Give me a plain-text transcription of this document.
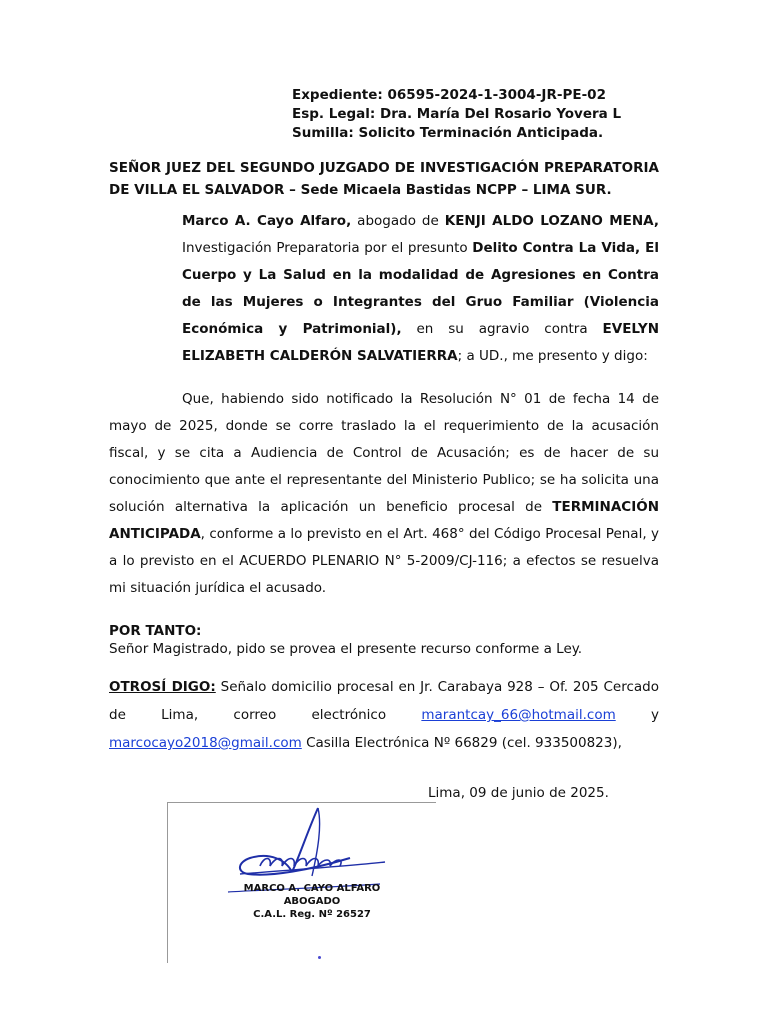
Expediente: 06595-2024-1-3004-JR-PE-02
Esp. Legal: Dra. María Del Rosario Yovera L
Sumilla: Solicito Terminación Anticipada.
SEÑOR JUEZ DEL SEGUNDO JUZGADO DE INVESTIGACIÓN PREPARATORIA DE VILLA EL SALVADOR – Sede Micaela Bastidas NCPP – LIMA SUR.
Marco A. Cayo Alfaro, abogado de KENJI ALDO LOZANO MENA, Investigación Preparatoria por el presunto Delito Contra La Vida, El Cuerpo y La Salud en la modalidad de Agresiones en Contra de las Mujeres o Integrantes del Gruo Familiar (Violencia Económica y Patrimonial), en su agravio contra EVELYN ELIZABETH CALDERÓN SALVATIERRA; a UD., me presento y digo:
Que, habiendo sido notificado la Resolución N° 01 de fecha 14 de mayo de 2025, donde se corre traslado la el requerimiento de la acusación fiscal, y se cita a Audiencia de Control de Acusación; es de hacer de su conocimiento que ante el representante del Ministerio Publico; se ha solicita una solución alternativa la aplicación un beneficio procesal de TERMINACIÓN ANTICIPADA, conforme a lo previsto en el Art. 468° del Código Procesal Penal, y a lo previsto en el ACUERDO PLENARIO N° 5-2009/CJ-116; a efectos se resuelva mi situación jurídica el acusado.
POR TANTO:
Señor Magistrado, pido se provea el presente recurso conforme a Ley.
OTROSÍ DIGO: Señalo domicilio procesal en Jr. Carabaya 928 – Of. 205 Cercado de Lima, correo electrónico marantcay_66@hotmail.com y marcocayo2018@gmail.com Casilla Electrónica Nº 66829 (cel. 933500823),
Lima, 09 de junio de 2025.
MARCO A. CAYO ALFARO
ABOGADO
C.A.L. Reg. Nº 26527
